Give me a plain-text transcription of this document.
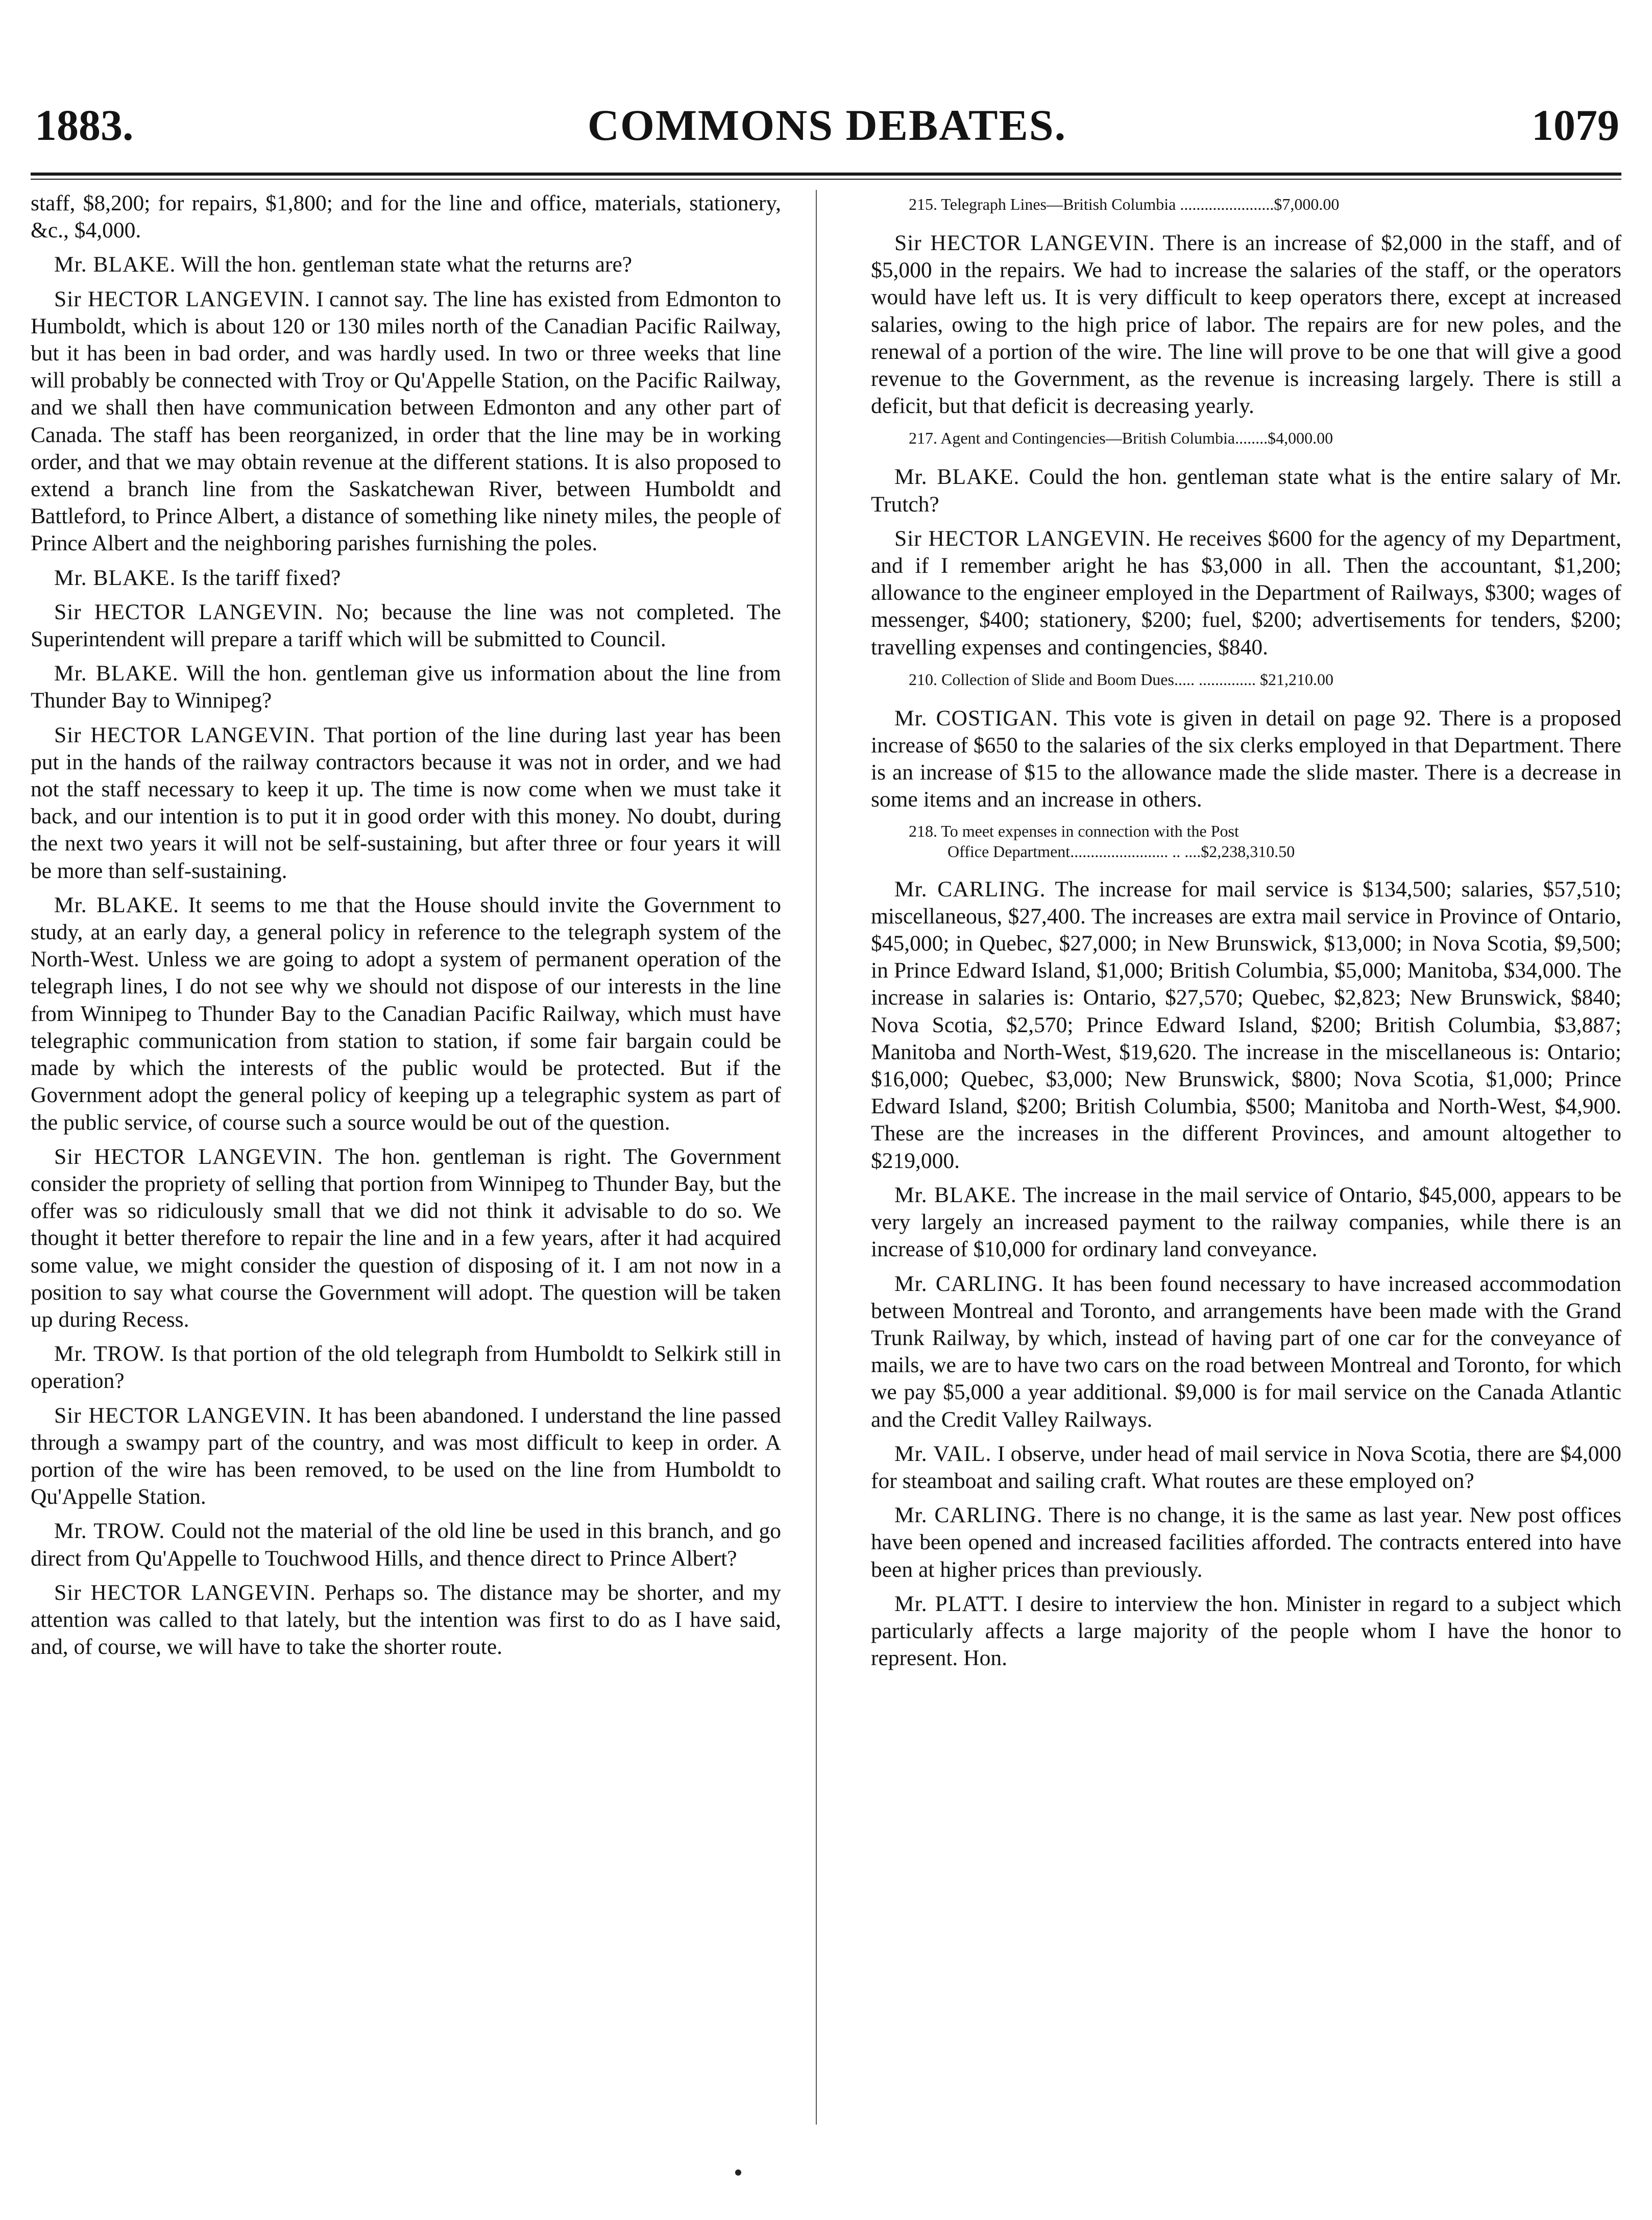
1883.	COMMONS DEBATES.	1079

staff, $8,200; for repairs, $1,800; and for the line and office, materials, stationery, &c., $4,000.

Mr. BLAKE. Will the hon. gentleman state what the returns are?

Sir HECTOR LANGEVIN. I cannot say. The line has existed from Edmonton to Humboldt, which is about 120 or 130 miles north of the Canadian Pacific Railway, but it has been in bad order, and was hardly used. In two or three weeks that line will probably be connected with Troy or Qu'Appelle Station, on the Pacific Railway, and we shall then have communication between Edmonton and any other part of Canada. The staff has been reorganized, in order that the line may be in working order, and that we may obtain revenue at the different stations. It is also proposed to extend a branch line from the Saskatchewan River, between Humboldt and Battleford, to Prince Albert, a distance of something like ninety miles, the people of Prince Albert and the neighboring parishes furnishing the poles.

Mr. BLAKE. Is the tariff fixed?

Sir HECTOR LANGEVIN. No; because the line was not completed. The Superintendent will prepare a tariff which will be submitted to Council.

Mr. BLAKE. Will the hon. gentleman give us information about the line from Thunder Bay to Winnipeg?

Sir HECTOR LANGEVIN. That portion of the line during last year has been put in the hands of the railway contractors because it was not in order, and we had not the staff necessary to keep it up. The time is now come when we must take it back, and our intention is to put it in good order with this money. No doubt, during the next two years it will not be self-sustaining, but after three or four years it will be more than self-sustaining.

Mr. BLAKE. It seems to me that the House should invite the Government to study, at an early day, a general policy in reference to the telegraph system of the North-West. Unless we are going to adopt a system of permanent operation of the telegraph lines, I do not see why we should not dispose of our interests in the line from Winnipeg to Thunder Bay to the Canadian Pacific Railway, which must have telegraphic communication from station to station, if some fair bargain could be made by which the interests of the public would be protected. But if the Government adopt the general policy of keeping up a telegraphic system as part of the public service, of course such a source would be out of the question.

Sir HECTOR LANGEVIN. The hon. gentleman is right. The Government consider the propriety of selling that portion from Winnipeg to Thunder Bay, but the offer was so ridiculously small that we did not think it advisable to do so. We thought it better therefore to repair the line and in a few years, after it had acquired some value, we might consider the question of disposing of it. I am not now in a position to say what course the Government will adopt. The question will be taken up during Recess.

Mr. TROW. Is that portion of the old telegraph from Humboldt to Selkirk still in operation?

Sir HECTOR LANGEVIN. It has been abandoned. I understand the line passed through a swampy part of the country, and was most difficult to keep in order. A portion of the wire has been removed, to be used on the line from Humboldt to Qu'Appelle Station.

Mr. TROW. Could not the material of the old line be used in this branch, and go direct from Qu'Appelle to Touchwood Hills, and thence direct to Prince Albert?

Sir HECTOR LANGEVIN. Perhaps so. The distance may be shorter, and my attention was called to that lately, but the intention was first to do as I have said, and, of course, we will have to take the shorter route.

215. Telegraph Lines—British Columbia .......................$7,000.00

Sir HECTOR LANGEVIN. There is an increase of $2,000 in the staff, and of $5,000 in the repairs. We had to increase the salaries of the staff, or the operators would have left us. It is very difficult to keep operators there, except at increased salaries, owing to the high price of labor. The repairs are for new poles, and the renewal of a portion of the wire. The line will prove to be one that will give a good revenue to the Government, as the revenue is increasing largely. There is still a deficit, but that deficit is decreasing yearly.

217. Agent and Contingencies—British Columbia........$4,000.00

Mr. BLAKE. Could the hon. gentleman state what is the entire salary of Mr. Trutch?

Sir HECTOR LANGEVIN. He receives $600 for the agency of my Department, and if I remember aright he has $3,000 in all. Then the accountant, $1,200; allowance to the engineer employed in the Department of Railways, $300; wages of messenger, $400; stationery, $200; fuel, $200; advertisements for tenders, $200; travelling expenses and contingencies, $840.

210. Collection of Slide and Boom Dues..... .............. $21,210.00

Mr. COSTIGAN. This vote is given in detail on page 92. There is a proposed increase of $650 to the salaries of the six clerks employed in that Department. There is an increase of $15 to the allowance made the slide master. There is a decrease in some items and an increase in others.

218. To meet expenses in connection with the Post
Office Department........................ .. ....$2,238,310.50

Mr. CARLING. The increase for mail service is $134,500; salaries, $57,510; miscellaneous, $27,400. The increases are extra mail service in Province of Ontario, $45,000; in Quebec, $27,000; in New Brunswick, $13,000; in Nova Scotia, $9,500; in Prince Edward Island, $1,000; British Columbia, $5,000; Manitoba, $34,000. The increase in salaries is: Ontario, $27,570; Quebec, $2,823; New Brunswick, $840; Nova Scotia, $2,570; Prince Edward Island, $200; British Columbia, $3,887; Manitoba and North-West, $19,620. The increase in the miscellaneous is: Ontario; $16,000; Quebec, $3,000; New Brunswick, $800; Nova Scotia, $1,000; Prince Edward Island, $200; British Columbia, $500; Manitoba and North-West, $4,900. These are the increases in the different Provinces, and amount altogether to $219,000.

Mr. BLAKE. The increase in the mail service of Ontario, $45,000, appears to be very largely an increased payment to the railway companies, while there is an increase of $10,000 for ordinary land conveyance.

Mr. CARLING. It has been found necessary to have increased accommodation between Montreal and Toronto, and arrangements have been made with the Grand Trunk Railway, by which, instead of having part of one car for the conveyance of mails, we are to have two cars on the road between Montreal and Toronto, for which we pay $5,000 a year additional. $9,000 is for mail service on the Canada Atlantic and the Credit Valley Railways.

Mr. VAIL. I observe, under head of mail service in Nova Scotia, there are $4,000 for steamboat and sailing craft. What routes are these employed on?

Mr. CARLING. There is no change, it is the same as last year. New post offices have been opened and increased facilities afforded. The contracts entered into have been at higher prices than previously.

Mr. PLATT. I desire to interview the hon. Minister in regard to a subject which particularly affects a large majority of the people whom I have the honor to represent. Hon.
